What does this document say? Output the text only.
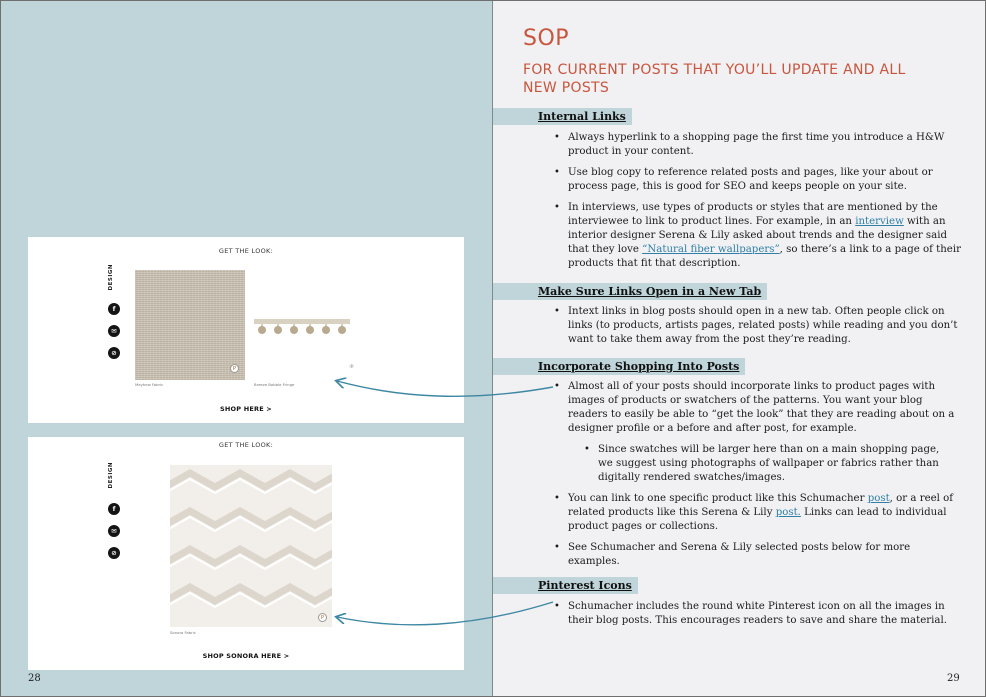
GET THE LOOK:
DESIGN
f
✉
⊘
P	℗
Mayhew Fabric	Breeze Bobble Fringe
SHOP HERE >
GET THE LOOK:
DESIGN
f
✉
⊘
P
Sonora Fabric
SHOP SONORA HERE >
28
SOP
FOR CURRENT POSTS THAT YOU’LL UPDATE AND ALL NEW POSTS
Internal Links
• Always hyperlink to a shopping page the first time you introduce a H&W product in your content.
• Use blog copy to reference related posts and pages, like your about or process page, this is good for SEO and keeps people on your site.
• In interviews, use types of products or styles that are mentioned by the interviewee to link to product lines. For example, in an interview with an interior designer Serena & Lily asked about trends and the designer said that they love “Natural fiber wallpapers”, so there’s a link to a page of their products that fit that description.
Make Sure Links Open in a New Tab
• Intext links in blog posts should open in a new tab. Often people click on links (to products, artists pages, related posts) while reading and you don’t want to take them away from the post they’re reading.
Incorporate Shopping Into Posts
• Almost all of your posts should incorporate links to product pages with images of products or swatchers of the patterns. You want your blog readers to easily be able to “get the look” that they are reading about on a designer profile or a before and after post, for example.
• Since swatches will be larger here than on a main shopping page, we suggest using photographs of wallpaper or fabrics rather than digitally rendered swatches/images.
• You can link to one specific product like this Schumacher post, or a reel of related products like this Serena & Lily post. Links can lead to individual product pages or collections.
• See Schumacher and Serena & Lily selected posts below for more examples.
Pinterest Icons
• Schumacher includes the round white Pinterest icon on all the images in their blog posts. This encourages readers to save and share the material.
29
